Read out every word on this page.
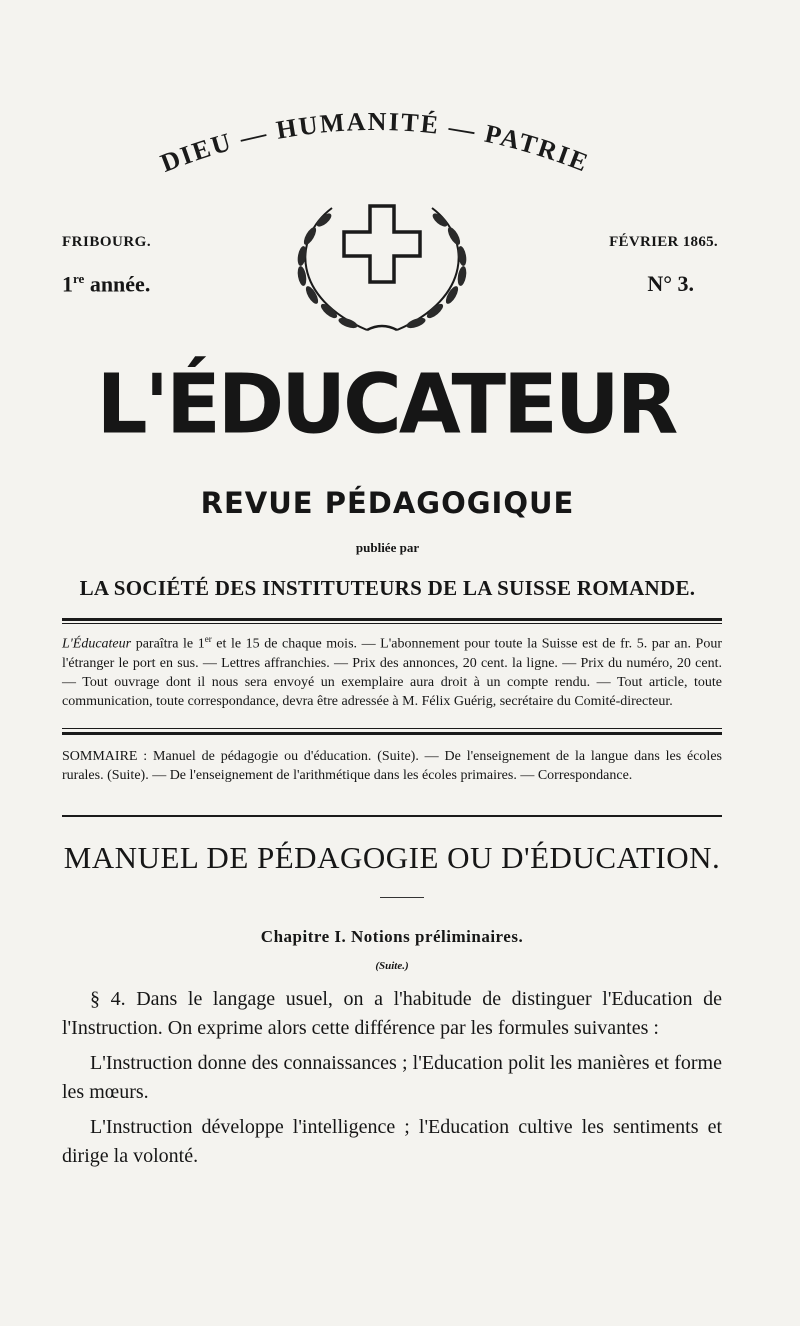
DIEU — HUMANITÉ — PATRIE
FRIBOURG.	FÉVRIER 1865.
1re année.	N° 3.
L'ÉDUCATEUR
REVUE PÉDAGOGIQUE
publiée par
LA SOCIÉTÉ DES INSTITUTEURS DE LA SUISSE ROMANDE.
L'Éducateur paraîtra le 1er et le 15 de chaque mois. — L'abonnement pour toute la Suisse est de fr. 5. par an. Pour l'étranger le port en sus. — Lettres affranchies. — Prix des annonces, 20 cent. la ligne. — Prix du numéro, 20 cent. — Tout ouvrage dont il nous sera envoyé un exemplaire aura droit à un compte rendu. — Tout article, toute communication, toute correspondance, devra être adressée à M. Félix Guérig, secrétaire du Comité-directeur.
SOMMAIRE : Manuel de pédagogie ou d'éducation. (Suite). — De l'enseignement de la langue dans les écoles rurales. (Suite). — De l'enseignement de l'arithmétique dans les écoles primaires. — Correspondance.
MANUEL DE PÉDAGOGIE OU D'ÉDUCATION.
Chapitre I. Notions préliminaires.
(Suite.)

§ 4. Dans le langage usuel, on a l'habitude de distinguer l'Education de l'Instruction. On exprime alors cette différence par les formules suivantes :

L'Instruction donne des connaissances ; l'Education polit les manières et forme les mœurs.

L'Instruction développe l'intelligence ; l'Education cultive les sentiments et dirige la volonté.
